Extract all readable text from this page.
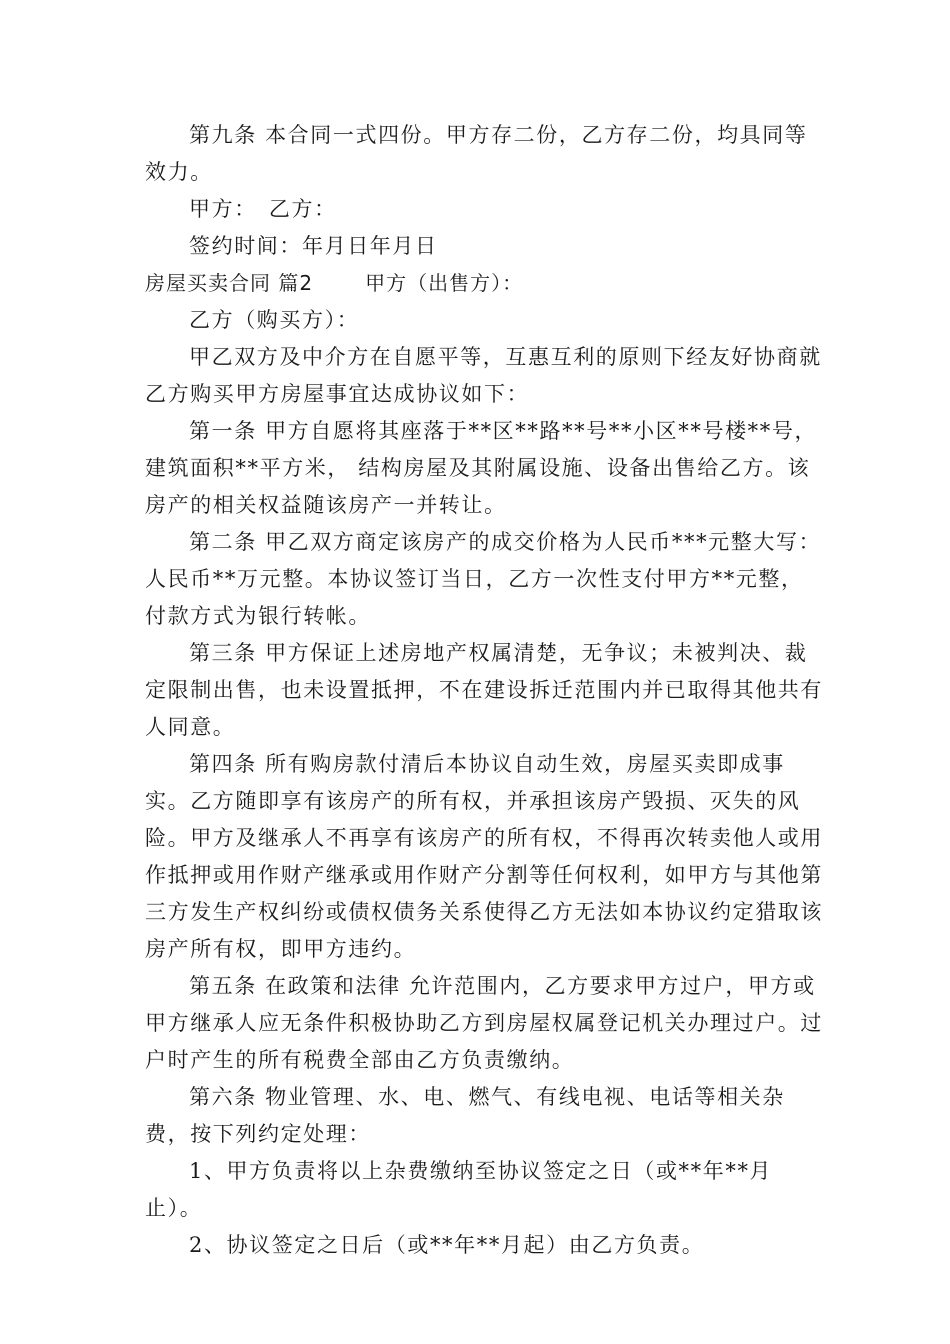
第九条 本合同一式四份。甲方存二份，乙方存二份，均具同等效力。

甲方：　乙方：

签约时间：年月日年月日

房屋买卖合同 篇2	甲方（出售方）：

乙方（购买方）：

甲乙双方及中介方在自愿平等，互惠互利的原则下经友好协商就乙方购买甲方房屋事宜达成协议如下：

第一条 甲方自愿将其座落于**区**路**号**小区**号楼**号，建筑面积**平方米， 结构房屋及其附属设施、设备出售给乙方。该房产的相关权益随该房产一并转让。

第二条 甲乙双方商定该房产的成交价格为人民币***元整大写：人民币**万元整。本协议签订当日，乙方一次性支付甲方**元整，付款方式为银行转帐。

第三条 甲方保证上述房地产权属清楚，无争议；未被判决、裁定限制出售，也未设置抵押，不在建设拆迁范围内并已取得其他共有人同意。

第四条 所有购房款付清后本协议自动生效，房屋买卖即成事实。乙方随即享有该房产的所有权，并承担该房产毁损、灭失的风险。甲方及继承人不再享有该房产的所有权，不得再次转卖他人或用作抵押或用作财产继承或用作财产分割等任何权利，如甲方与其他第三方发生产权纠纷或债权债务关系使得乙方无法如本协议约定猎取该房产所有权，即甲方违约。

第五条 在政策和法律 允许范围内，乙方要求甲方过户，甲方或甲方继承人应无条件积极协助乙方到房屋权属登记机关办理过户。过户时产生的所有税费全部由乙方负责缴纳。

第六条 物业管理、水、电、燃气、有线电视、电话等相关杂费，按下列约定处理：

1、甲方负责将以上杂费缴纳至协议签定之日（或**年**月止）。

2、协议签定之日后（或**年**月起）由乙方负责。
